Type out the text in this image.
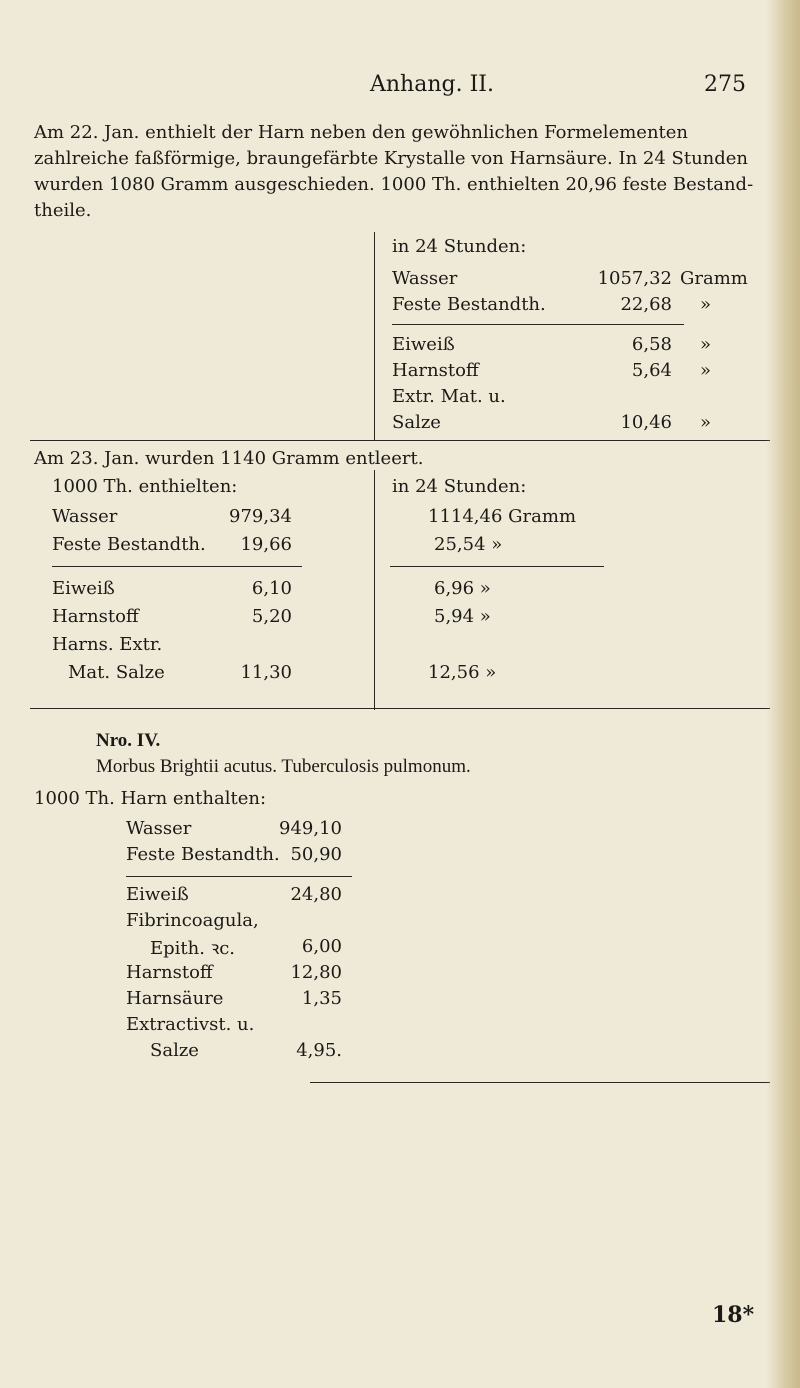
Anhang. II.	275
Am 22. Jan. enthielt der Harn neben den gewöhnlichen Formelementen
zahlreiche faßförmige, braungefärbte Krystalle von Harnsäure. In 24 Stunden
wurden 1080 Gramm ausgeschieden. 1000 Th. enthielten 20,96 feste Bestand-
theile.
in 24 Stunden:
Wasser	1057,32 Gramm
Feste Bestandth.	22,68 »
Eiweiß	6,58 »
Harnstoff	5,64 »
Extr. Mat. u.
Salze	10,46 »
Am 23. Jan. wurden 1140 Gramm entleert.
1000 Th. enthielten:	in 24 Stunden:
Wasser	979,34	1114,46 Gramm
Feste Bestandth.	19,66	25,54 »
Eiweiß	6,10	6,96 »
Harnstoff	5,20	5,94 »
Harns. Extr.
Mat. Salze	11,30	12,56 »
Nro. IV.
Morbus Brightii acutus. Tuberculosis pulmonum.
1000 Th. Harn enthalten:
Wasser	949,10
Feste Bestandth. 50,90
Eiweiß	24,80
Fibrincoagula,
Epith. ꝛc.	6,00
Harnstoff	12,80
Harnsäure	1,35
Extractivst. u.
Salze	4,95.
18*
